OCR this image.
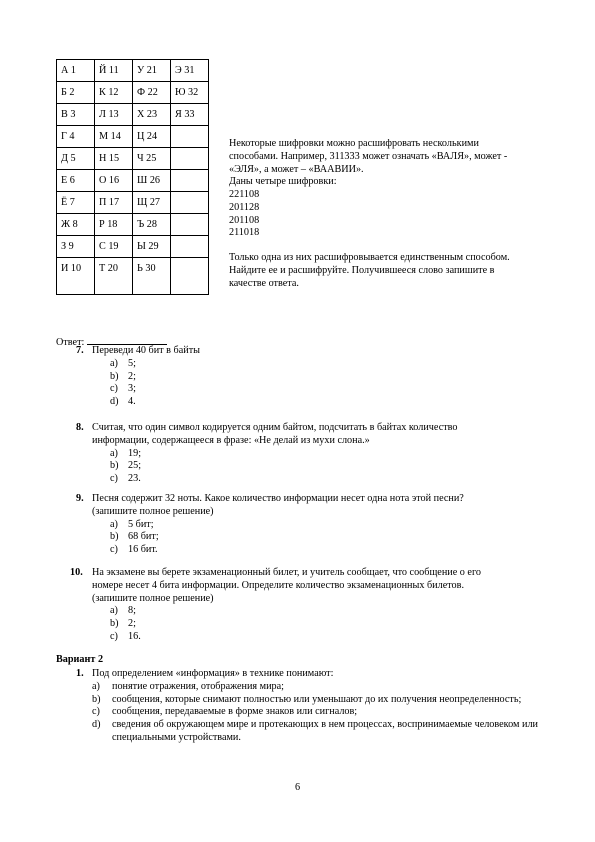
А 1	Й 11	У 21	Э 31
Б 2	К 12	Ф 22	Ю 32
В 3	Л 13	Х 23	Я 33
Г 4	М 14	Ц 24	
Д 5	Н 15	Ч 25	
Е 6	О 16	Ш 26	
Ё 7	П 17	Щ 27	
Ж 8	Р 18	Ъ 28	
З 9	С 19	Ы 29	
И 10	Т 20	Ь 30	

Некоторые шифровки можно расшифровать несколькими

способами. Например, 311333 может означать «ВАЛЯ», может -

«ЭЛЯ», а может – «ВААВИИ».

Даны четыре шифровки:

221108

201128

201108

211018

Только одна из них расшифровывается единственным способом.

Найдите ее и расшифруйте. Получившееся слово запишите в

качестве ответа.

Ответ:
7. Переведи 40 бит в байты
a) 5;
b) 2;
c) 3;
d) 4.
8. Считая, что один символ кодируется одним байтом, подсчитать в байтах количество
информации, содержащееся в фразе: «Не делай из мухи слона.»
a) 19;
b) 25;
c) 23.
9. Песня содержит 32 ноты. Какое количество информации несет одна нота этой песни?
(запишите полное решение)
a) 5 бит;
b) 68 бит;
c) 16 бит.
10. На экзамене вы берете экзаменационный билет, и учитель сообщает, что сообщение о его
номере несет 4 бита информации. Определите количество экзаменационных билетов.
(запишите полное решение)
a) 8;
b) 2;
c) 16.
Вариант 2
1. Под определением «информация» в технике понимают:
a) понятие отражения, отображения мира;
b) сообщения, которые снимают полностью или уменьшают до их получения неопределенность;
c) сообщения, передаваемые в форме знаков или сигналов;
d) сведения об окружающем мире и протекающих в нем процессах, воспринимаемые человеком или специальными устройствами.
6
